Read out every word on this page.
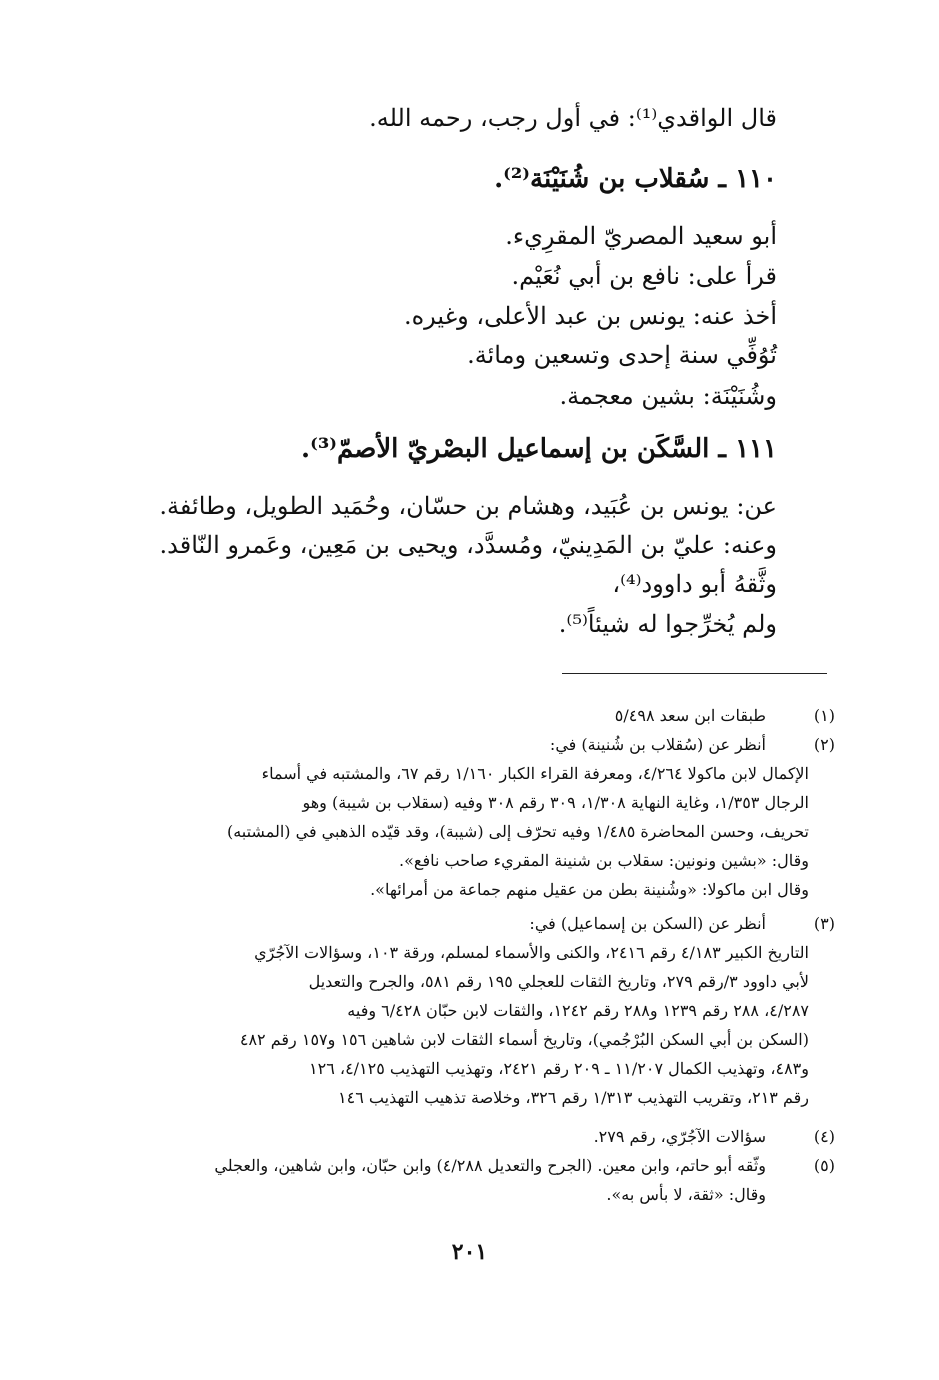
قال الواقدي⁽¹⁾: في أول رجب، رحمه الله.
١١٠ ـ سُقلاب بن شُنَيْنَة⁽²⁾.
أبو سعيد المصريّ المقرِيء.
قرأ على: نافع بن أبي نُعَيْم.
أخذ عنه: يونس بن عبد الأعلى، وغيره.
تُوُفِّي سنة إحدى وتسعين ومائة.
وشُنَيْنَة: بشين معجمة.
١١١ ـ السَّكَن بن إسماعيل البصْريّ الأصمّ⁽³⁾.
عن: يونس بن عُبَيد، وهشام بن حسّان، وحُمَيد الطويل، وطائفة.
وعنه: عليّ بن المَدِينيّ، ومُسدَّد، ويحيى بن مَعِين، وعَمرو النّاقد.
وثَّقهُ أبو داوود⁽⁴⁾،
ولم يُخرِّجوا له شيئاً⁽⁵⁾.
(١)
طبقات ابن سعد ٥/٤٩٨
(٢)
أنظر عن (سُقلاب بن شُنينة) في:
الإكمال لابن ماكولا ٤/٢٦٤، ومعرفة القراء الكبار ١/١٦٠ رقم ٦٧، والمشتبه في أسماء
الرجال ١/٣٥٣، وغاية النهاية ١/٣٠٨، ٣٠٩ رقم ٣٠٨ وفيه (سقلاب بن شيبة) وهو
تحريف، وحسن المحاضرة ١/٤٨٥ وفيه تحرّف إلى (شيبة)، وقد قيّده الذهبي في (المشتبه)
وقال: «بشين ونونين: سقلاب بن شنينة المقريء صاحب نافع».
وقال ابن ماكولا: «وشُنينة بطن من عقيل منهم جماعة من أمرائها».
(٣)
أنظر عن (السكن بن إسماعيل) في:
التاريخ الكبير ٤/١٨٣ رقم ٢٤١٦، والكنى والأسماء لمسلم، ورقة ١٠٣، وسؤالات الآجُرّي
لأبي داوود ٣/رقم ٢٧٩، وتاريخ الثقات للعجلي ١٩٥ رقم ٥٨١، والجرح والتعديل
٤/٢٨٧، ٢٨٨ رقم ١٢٣٩ و٢٨٨ رقم ١٢٤٢، والثقات لابن حبّان ٦/٤٢٨ وفيه
(السكن بن أبي السكن البُرْجُمي)، وتاريخ أسماء الثقات لابن شاهين ١٥٦ و١٥٧ رقم ٤٨٢
و٤٨٣، وتهذيب الكمال ١١/٢٠٧ ـ ٢٠٩ رقم ٢٤٢١، وتهذيب التهذيب ٤/١٢٥، ١٢٦
رقم ٢١٣، وتقريب التهذيب ١/٣١٣ رقم ٣٢٦، وخلاصة تذهيب التهذيب ١٤٦
(٤)
سؤالات الآجُرّي، رقم ٢٧٩.
(٥)
وثّقه أبو حاتم، وابن معين. (الجرح والتعديل ٤/٢٨٨) وابن حبّان، وابن شاهين، والعجلي
وقال: «ثقة، لا بأس به».
٢٠١
